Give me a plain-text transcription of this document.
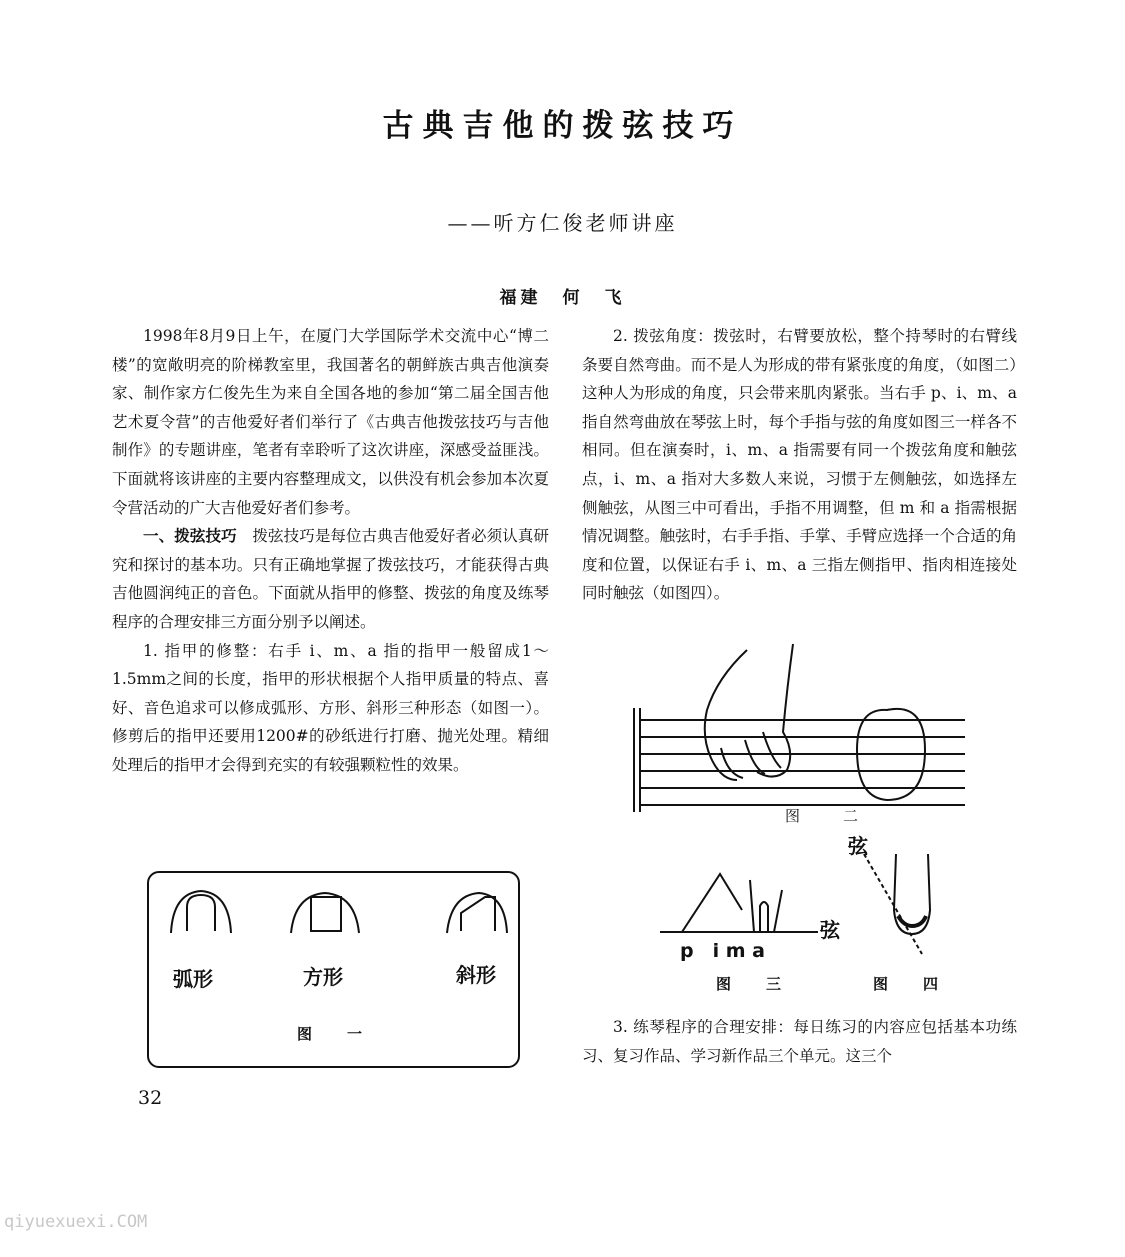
古典吉他的拨弦技巧
——听方仁俊老师讲座
福建　何　飞

1998年8月9日上午，在厦门大学国际学术交流中心“博二楼”的宽敞明亮的阶梯教室里，我国著名的朝鲜族古典吉他演奏家、制作家方仁俊先生为来自全国各地的参加“第二届全国吉他艺术夏令营”的吉他爱好者们举行了《古典吉他拨弦技巧与吉他制作》的专题讲座，笔者有幸聆听了这次讲座，深感受益匪浅。下面就将该讲座的主要内容整理成文，以供没有机会参加本次夏令营活动的广大吉他爱好者们参考。

一、拨弦技巧　 拨弦技巧是每位古典吉他爱好者必须认真研究和探讨的基本功。只有正确地掌握了拨弦技巧，才能获得古典吉他圆润纯正的音色。下面就从指甲的修整、拨弦的角度及练琴程序的合理安排三方面分别予以阐述。

1. 指甲的修整：右手 i、m、a 指的指甲一般留成1～1.5mm之间的长度，指甲的形状根据个人指甲质量的特点、喜好、音色追求可以修成弧形、方形、斜形三种形态（如图一）。修剪后的指甲还要用1200#的砂纸进行打磨、抛光处理。精细处理后的指甲才会得到充实的有较强颗粒性的效果。

2. 拨弦角度：拨弦时，右臂要放松，整个持琴时的右臂线条要自然弯曲。而不是人为形成的带有紧张度的角度，（如图二）这种人为形成的角度，只会带来肌肉紧张。当右手 p、i、m、a 指自然弯曲放在琴弦上时，每个手指与弦的角度如图三一样各不相同。但在演奏时，i、m、a 指需要有同一个拨弦角度和触弦点，i、m、a 指对大多数人来说，习惯于左侧触弦，如选择左侧触弦，从图三中可看出，手指不用调整，但 m 和 a 指需根据情况调整。触弦时，右手手指、手掌、手臂应选择一个合适的角度和位置，以保证右手 i、m、a 三指左侧指甲、指肉相连接处同时触弦（如图四）。

弧形	方形	斜形
图　一
图　二
p　i m a
弦
图　三
弦
图　四

3. 练琴程序的合理安排：每日练习的内容应包括基本功练习、复习作品、学习新作品三个单元。这三个

32
qiyuexuexi.COM
